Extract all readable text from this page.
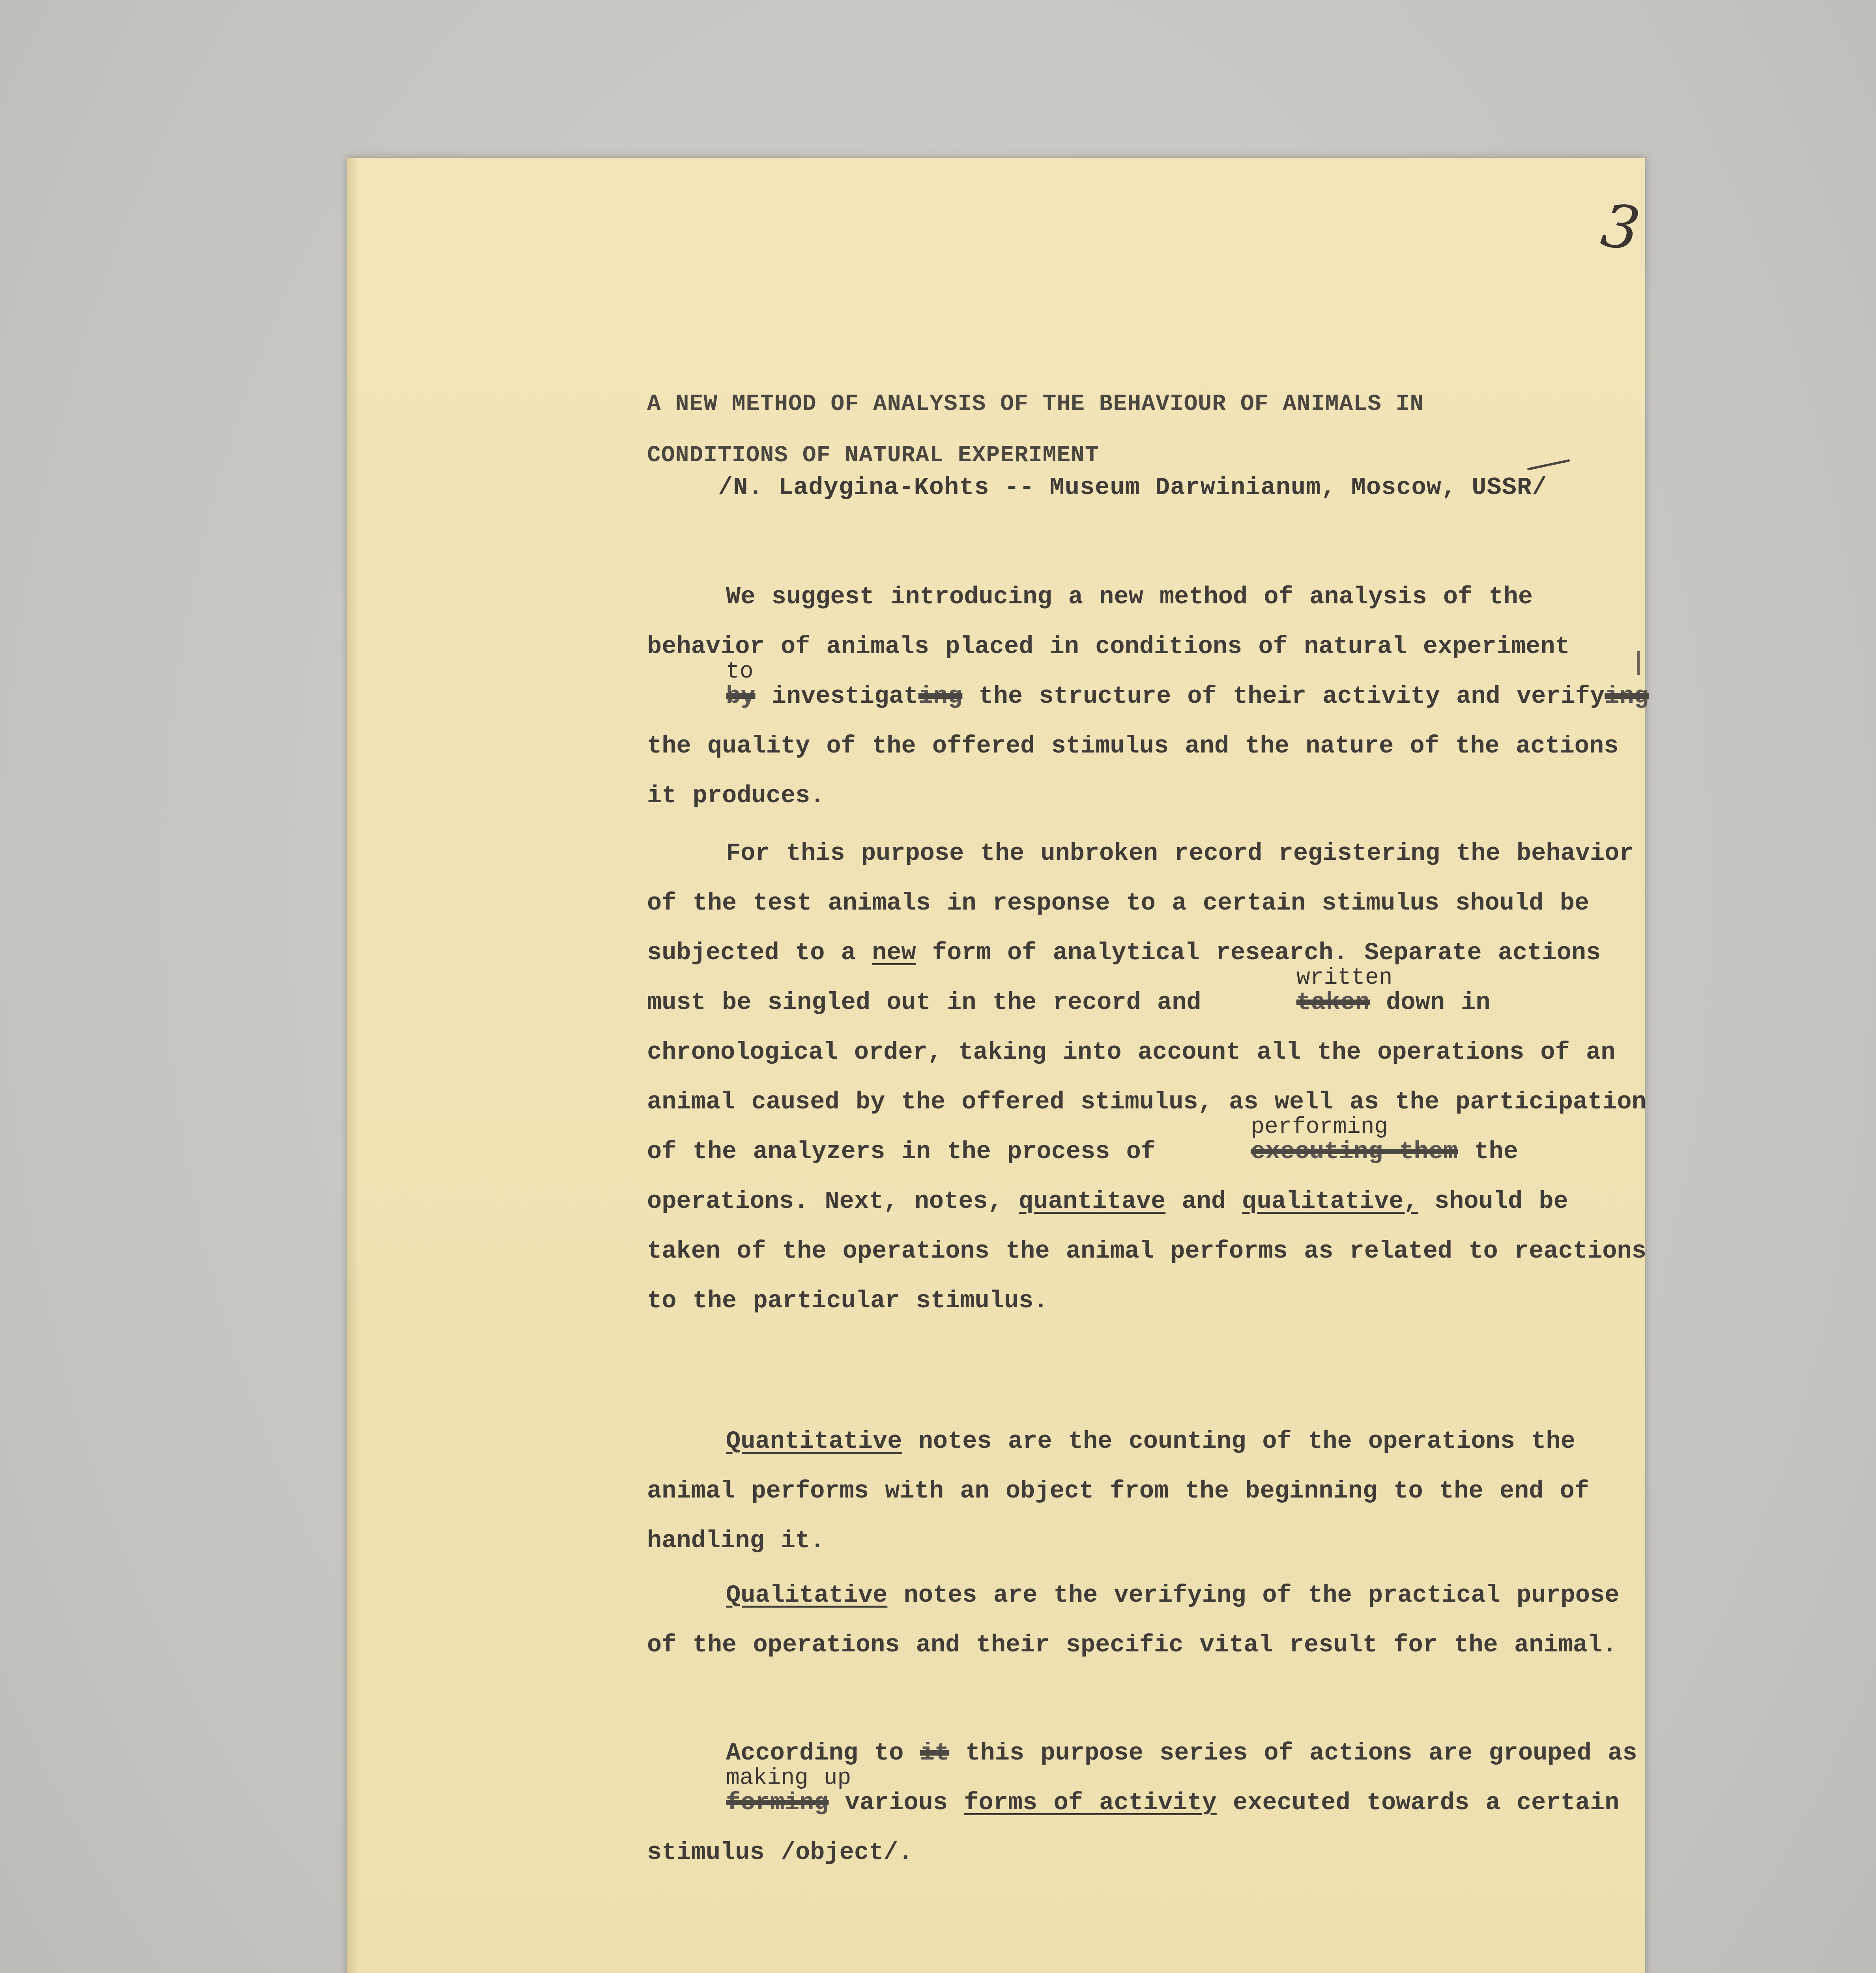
3
A NEW METHOD OF ANALYSIS OF THE BEHAVIOUR OF ANIMALS IN
CONDITIONS OF NATURAL EXPERIMENT
/N. Ladygina-Kohts -- Museum Darwinianum, Moscow, USSR/

We suggest introducing a new method of analysis of the behavior of animals placed in conditions of natural experiment
to
by investigating the structure of their activity and verifying the quality of the offered stimulus and the nature of the actions it produces.

For this purpose the unbroken record registering the behavior of the test animals in response to a certain stimulus should be subjected to a new form of analytical research. Separate actions must be singled out in the record and
written
taken down in chronological order, taking into account all the operations of an animal caused by the offered stimulus, as well as the participation of the analyzers in the process of
performing
executing them the operations. Next, notes, quantitave and qualitative, should be taken of the operations the animal performs as related to reactions to the particular stimulus.

Quantitative notes are the counting of the operations the animal performs with an object from the beginning to the end of handling it.

Qualitative notes are the verifying of the practical purpose of the operations and their specific vital result for the animal.

According to it this purpose series of actions are grouped as
making up
forming various forms of activity executed towards a certain stimulus /object/.
